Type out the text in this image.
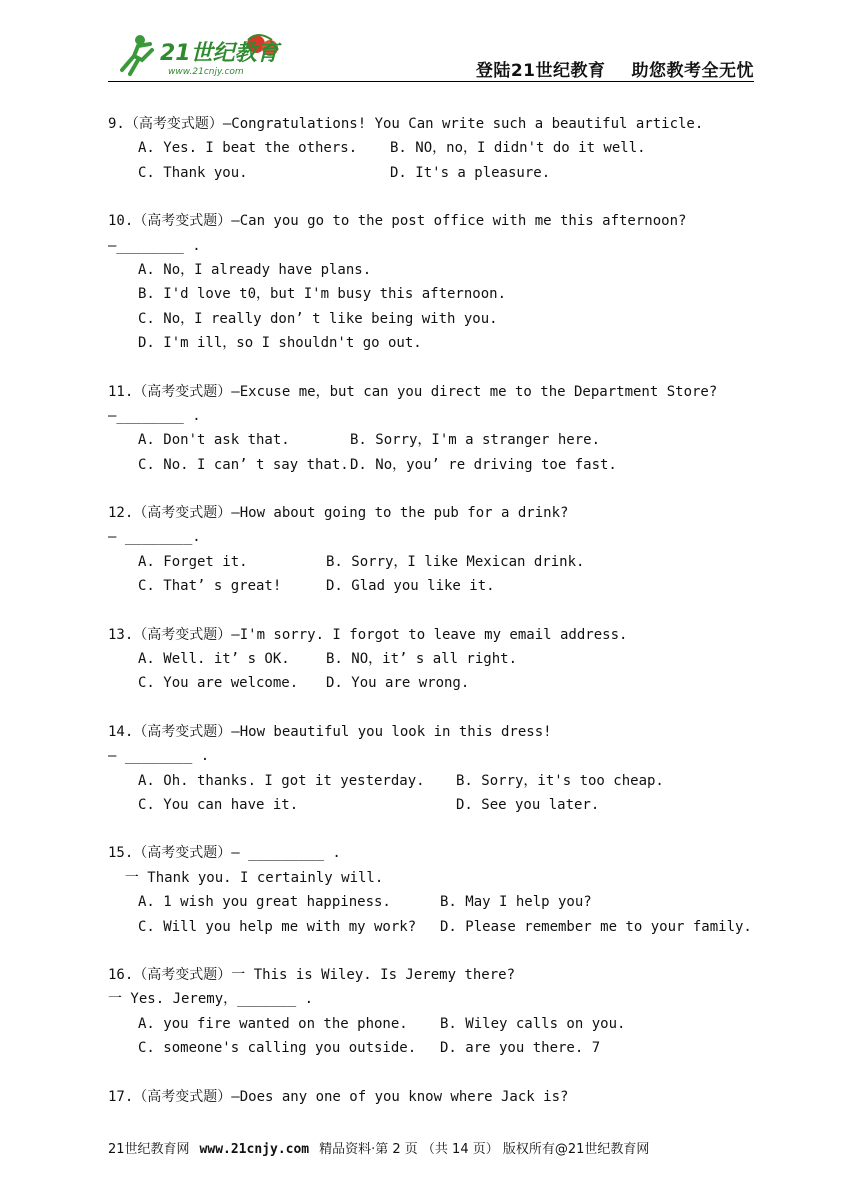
21世纪教育
www.21cnjy.com	登陆21世纪教育 助您教考全无忧
9.（高考变式题）—Congratulations! You Can write such a beautiful article.
A. Yes. I beat the others.	B. NO，no，I didn't do it well.
C. Thank you.	D. It's a pleasure.
10.（高考变式题）—Can you go to the post office with me this afternoon?
—________ .
A. No，I already have plans.
B. I'd love t0，but I'm busy this afternoon.
C. No，I really don’ t like being with you.
D. I'm ill，so I shouldn't go out.
11.（高考变式题）—Excuse me，but can you direct me to the Department Store?
—________ .
A. Don't ask that.	B. Sorry，I'm a stranger here.
C. No. I can’ t say that. D. No，you’ re driving toe fast.
12.（高考变式题）—How about going to the pub for a drink?
— ________.
A. Forget it.	B. Sorry，I like Mexican drink.
C. That’ s great!	D. Glad you like it.
13.（高考变式题）—I'm sorry. I forgot to leave my email address.
A. Well. it’ s OK.	B. NO，it’ s all right.
C. You are welcome.	D. You are wrong.
14.（高考变式题）—How beautiful you look in this dress!
— ________ .
A. Oh. thanks. I got it yesterday.	B. Sorry，it's too cheap.
C. You can have it.	D. See you later.
15.（高考变式题）— _________ .
一 Thank you. I certainly will.
A. 1 wish you great happiness.	B. May I help you?
C. Will you help me with my work?	D. Please remember me to your family.
16.（高考变式题）一 This is Wiley. Is Jeremy there?
一 Yes. Jeremy，_______ .
A. you fire wanted on the phone.	B. Wiley calls on you.
C. someone's calling you outside.	D. are you there. 7
17.（高考变式题）—Does any one of you know where Jack is?
21世纪教育网 www.21cnjy.com 精品资料·第 2 页 （共 14 页） 版权所有@21世纪教育网
